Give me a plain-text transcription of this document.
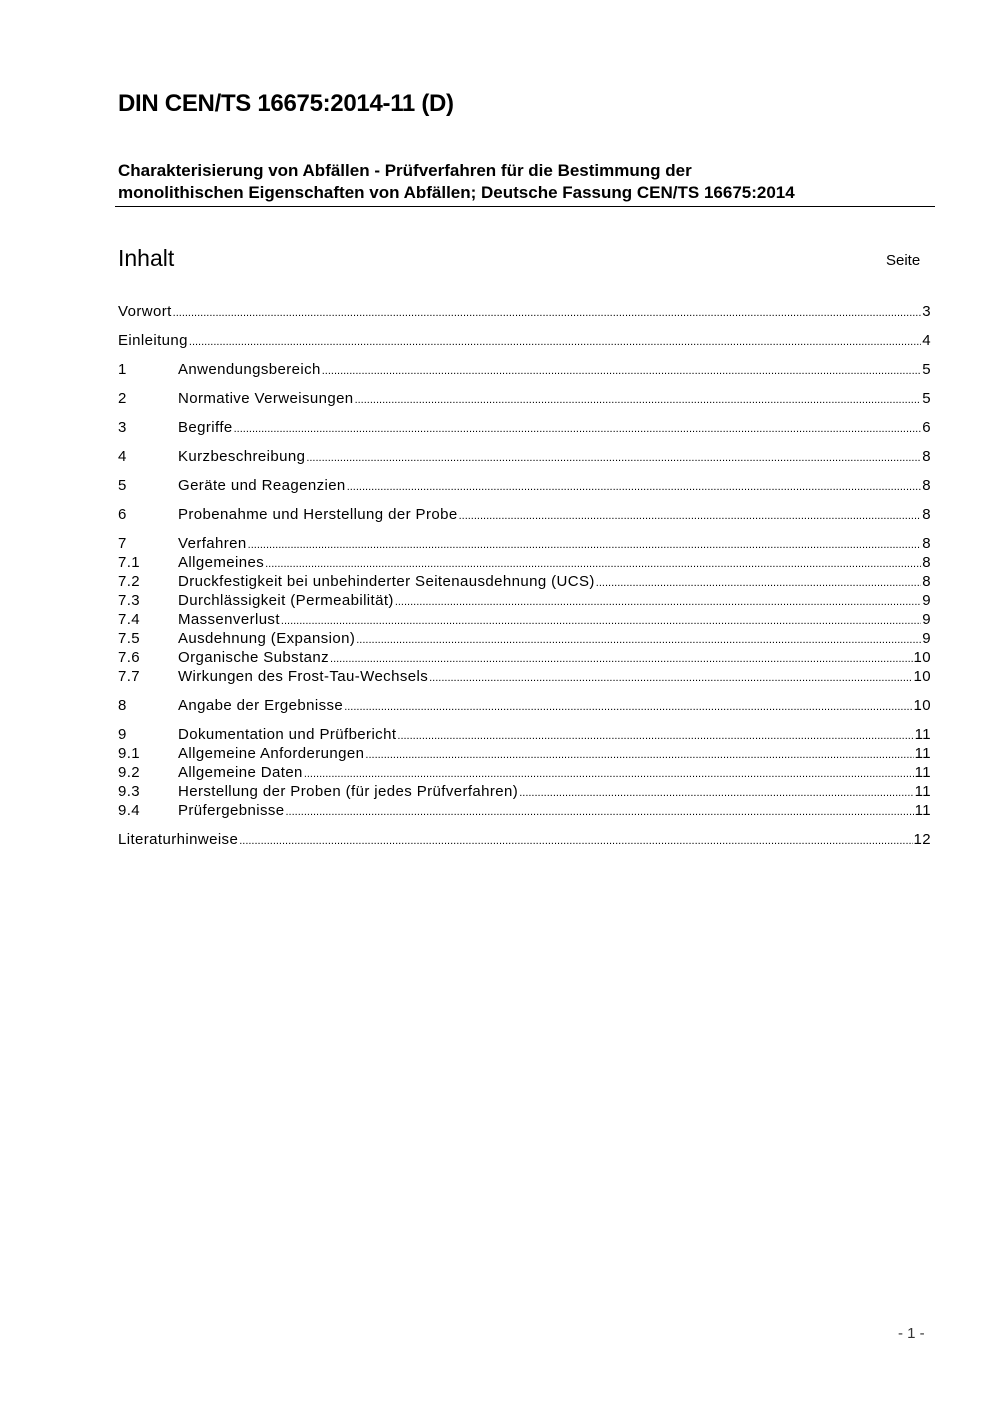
DIN CEN/TS 16675:2014-11 (D)
Charakterisierung von Abfällen - Prüfverfahren für die Bestimmung der
monolithischen Eigenschaften von Abfällen; Deutsche Fassung CEN/TS 16675:2014
Inhalt	Seite
Vorwort .....	3
Einleitung .....	4
1	Anwendungsbereich .....	5
2	Normative Verweisungen .....	5
3	Begriffe .....	6
4	Kurzbeschreibung .....	8
5	Geräte und Reagenzien .....	8
6	Probenahme und Herstellung der Probe .....	8
7	Verfahren .....	8
7.1	Allgemeines .....	8
7.2	Druckfestigkeit bei unbehinderter Seitenausdehnung (UCS) .....	8
7.3	Durchlässigkeit (Permeabilität) .....	9
7.4	Massenverlust .....	9
7.5	Ausdehnung (Expansion) .....	9
7.6	Organische Substanz .....	10
7.7	Wirkungen des Frost-Tau-Wechsels .....	10
8	Angabe der Ergebnisse .....	10
9	Dokumentation und Prüfbericht .....	11
9.1	Allgemeine Anforderungen .....	11
9.2	Allgemeine Daten .....	11
9.3	Herstellung der Proben (für jedes Prüfverfahren) .....	11
9.4	Prüfergebnisse .....	11
Literaturhinweise .....	12
- 1 -
